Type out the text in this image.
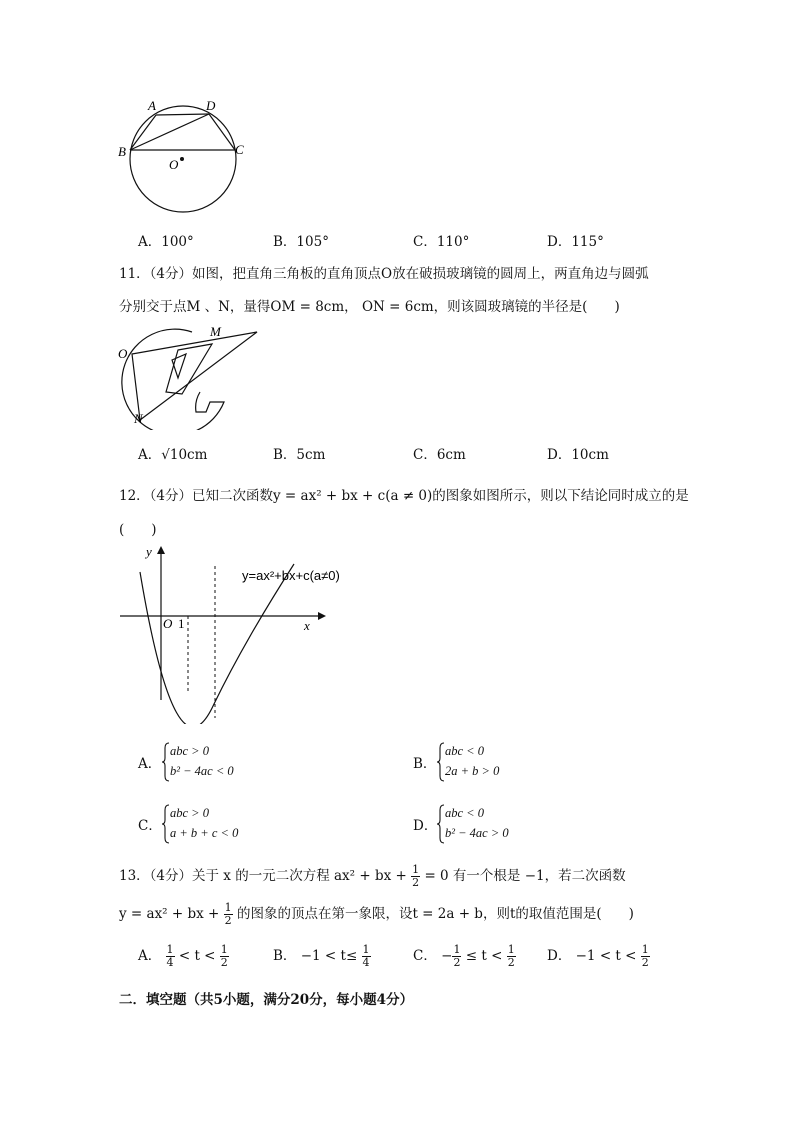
A	D
B	C
O
A．100°	B．105°	C．110°	D．115°
11．（4分）如图，把直角三角板的直角顶点O放在破损玻璃镜的圆周上，两直角边与圆弧
分别交于点M 、N，量得OM = 8cm， ON = 6cm，则该圆玻璃镜的半径是(　　)
O
M
N
A．√10cm	B．5cm	C．6cm	D．10cm
12．（4分）已知二次函数y = ax² + bx + c(a ≠ 0)的图象如图所示，则以下结论同时成立的是
(　　)
y=ax²+bx+c(a≠0)
x
y
O 1
A．
abc > 0
b² − 4ac < 0	B．
abc < 0
2a + b > 0
C．
abc > 0
a + b + c < 0	D．
abc < 0
b² − 4ac > 0
13．（4分）关于 x 的一元二次方程 ax² + bx + $\frac{1}{2} = 0$ 有一个根是 −1，若二次函数
y = ax² + bx + $\frac{1}{2}$ 的图象的顶点在第一象限，设t = 2a + b，则t的取值范围是(　　)
A． $\frac{1}{4} < t < \frac{1}{2}$	B． $-1 < t\le \frac{1}{4}$	C． − $\frac{1}{2} \le t < \frac{1}{2}$ D． $-1 < t < \frac{1}{2}$
二．填空题（共5小题，满分20分，每小题4分）
